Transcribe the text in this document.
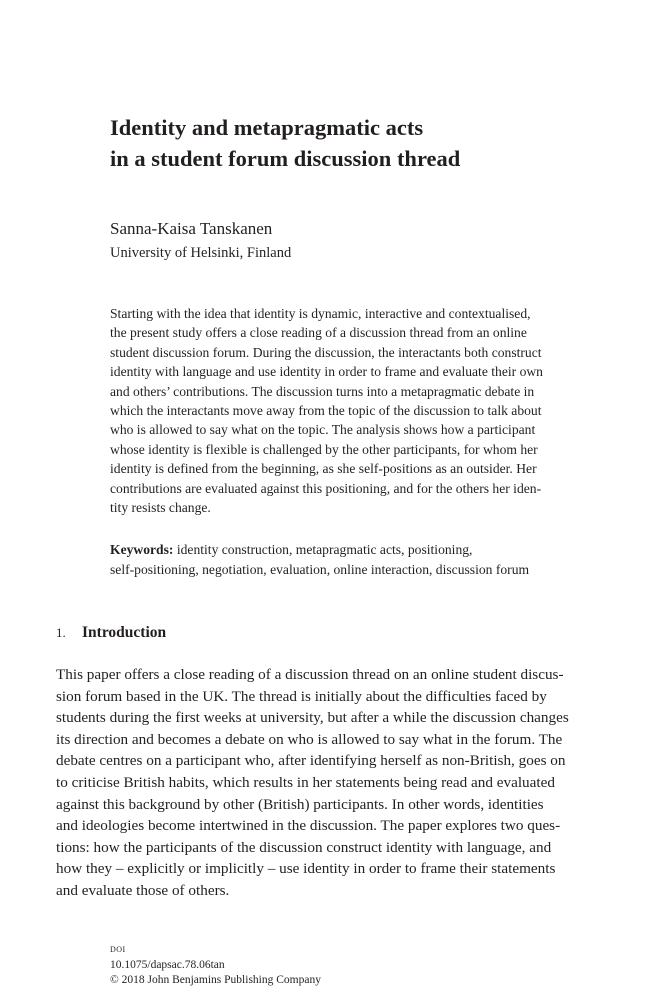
Identity and metapragmatic acts
in a student forum discussion thread
Sanna-Kaisa Tanskanen
University of Helsinki, Finland

Starting with the idea that identity is dynamic, interactive and contextualised,
the present study offers a close reading of a discussion thread from an online
student discussion forum. During the discussion, the interactants both construct
identity with language and use identity in order to frame and evaluate their own
and others’ contributions. The discussion turns into a metapragmatic debate in
which the interactants move away from the topic of the discussion to talk about
who is allowed to say what on the topic. The analysis shows how a participant
whose identity is flexible is challenged by the other participants, for whom her
identity is defined from the beginning, as she self-positions as an outsider. Her
contributions are evaluated against this positioning, and for the others her iden-
tity resists change.

Keywords: identity construction, metapragmatic acts, positioning,
self-positioning, negotiation, evaluation, online interaction, discussion forum

1. Introduction

This paper offers a close reading of a discussion thread on an online student discus-
sion forum based in the UK. The thread is initially about the difficulties faced by
students during the first weeks at university, but after a while the discussion changes
its direction and becomes a debate on who is allowed to say what in the forum. The
debate centres on a participant who, after identifying herself as non-British, goes on
to criticise British habits, which results in her statements being read and evaluated
against this background by other (British) participants. In other words, identities
and ideologies become intertwined in the discussion. The paper explores two ques-
tions: how the participants of the discussion construct identity with language, and
how they – explicitly or implicitly – use identity in order to frame their statements
and evaluate those of others.

doi
10.1075/dapsac.78.06tan
© 2018 John Benjamins Publishing Company
